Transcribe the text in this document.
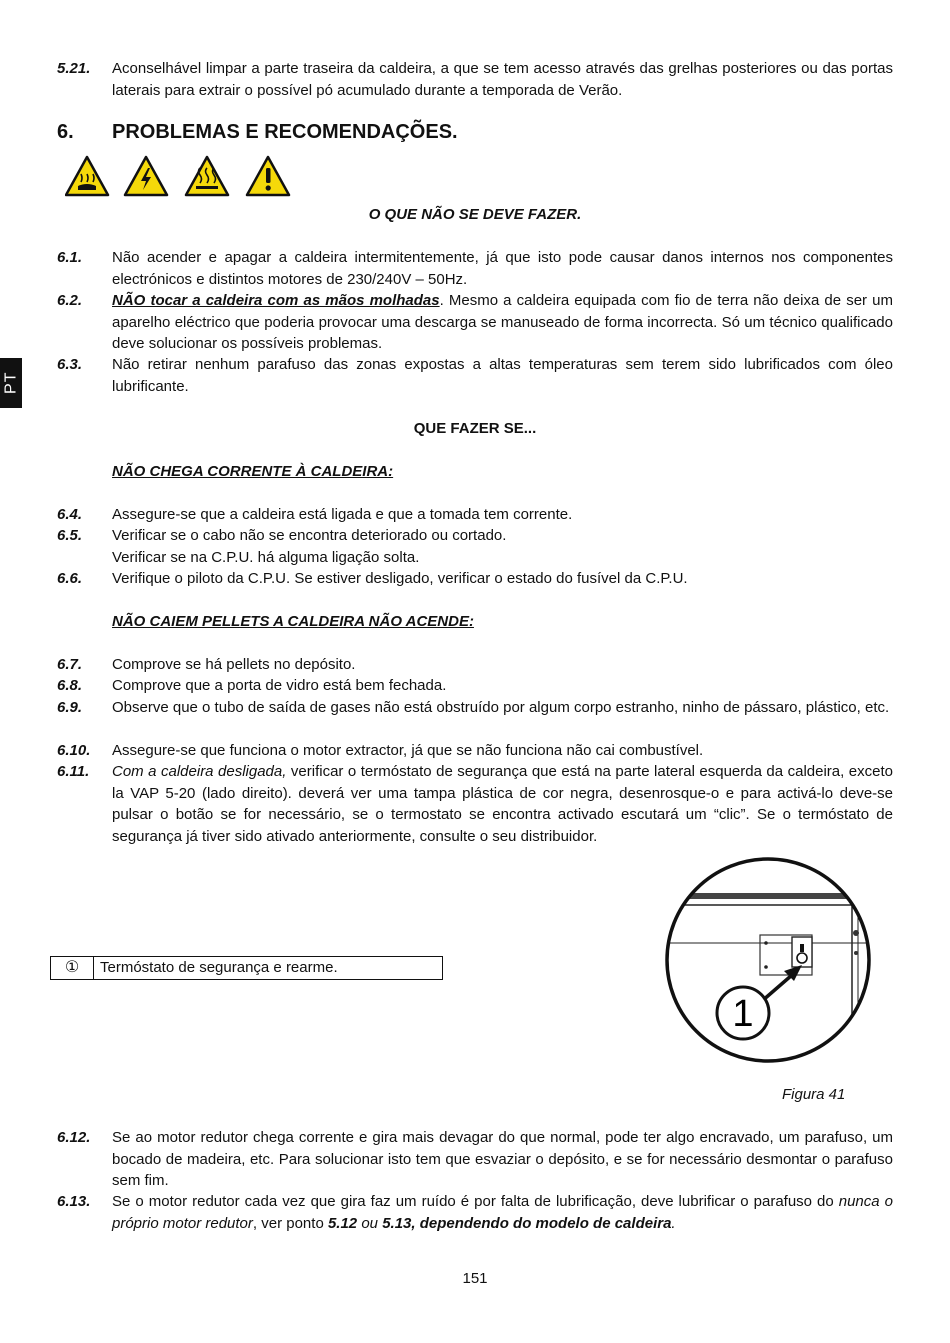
PT
5.21. Aconselhável limpar a parte traseira da caldeira, a que se tem acesso através das grelhas posteriores ou das portas laterais para extrair o possível pó acumulado durante a temporada de Verão.
6. PROBLEMAS E RECOMENDAÇÕES.
O QUE NÃO SE DEVE FAZER.
6.1. Não acender e apagar a caldeira intermitentemente, já que isto pode causar danos internos nos componentes electrónicos e distintos motores de 230/240V – 50Hz.
6.2. NÃO tocar a caldeira com as mãos molhadas. Mesmo a caldeira equipada com fio de terra não deixa de ser um aparelho eléctrico que poderia provocar uma descarga se manuseado de forma incorrecta. Só um técnico qualificado deve solucionar os possíveis problemas.
6.3. Não retirar nenhum parafuso das zonas expostas a altas temperaturas sem terem sido lubrificados com óleo lubrificante.
QUE FAZER SE...
NÃO CHEGA CORRENTE À CALDEIRA:
6.4. Assegure-se que a caldeira está ligada e que a tomada tem corrente.
6.5. Verificar se o cabo não se encontra deteriorado ou cortado.

Verificar se na C.P.U. há alguma ligação solta.

6.6. Verifique o piloto da C.P.U. Se estiver desligado, verificar o estado do fusível da C.P.U.
NÃO CAIEM PELLETS A CALDEIRA NÃO ACENDE:
6.7. Comprove se há pellets no depósito.
6.8. Comprove que a porta de vidro está bem fechada.
6.9. Observe que o tubo de saída de gases não está obstruído por algum corpo estranho, ninho de pássaro, plástico, etc.
6.10. Assegure-se que funciona o motor extractor, já que se não funciona não cai combustível.
6.11. Com a caldeira desligada, verificar o termóstato de segurança que está na parte lateral esquerda da caldeira, exceto la VAP 5-20 (lado direito). deverá ver uma tampa plástica de cor negra, desenrosque-o e para activá-lo deve-se pulsar o botão se for necessário, se o termostato se encontra activado escutará um “clic”. Se o termóstato de segurança já tiver sido ativado anteriormente, consulte o seu distribuidor.
①	Termóstato de segurança e rearme.
1
Figura 41
6.12. Se ao motor redutor chega corrente e gira mais devagar do que normal, pode ter algo encravado, um parafuso, um bocado de madeira, etc. Para solucionar isto tem que esvaziar o depósito, e se for necessário desmontar o parafuso sem fim.
6.13. Se o motor redutor cada vez que gira faz um ruído é por falta de lubrificação, deve lubrificar o parafuso do nunca o próprio motor redutor, ver ponto 5.12 ou 5.13, dependendo do modelo de caldeira.
151
